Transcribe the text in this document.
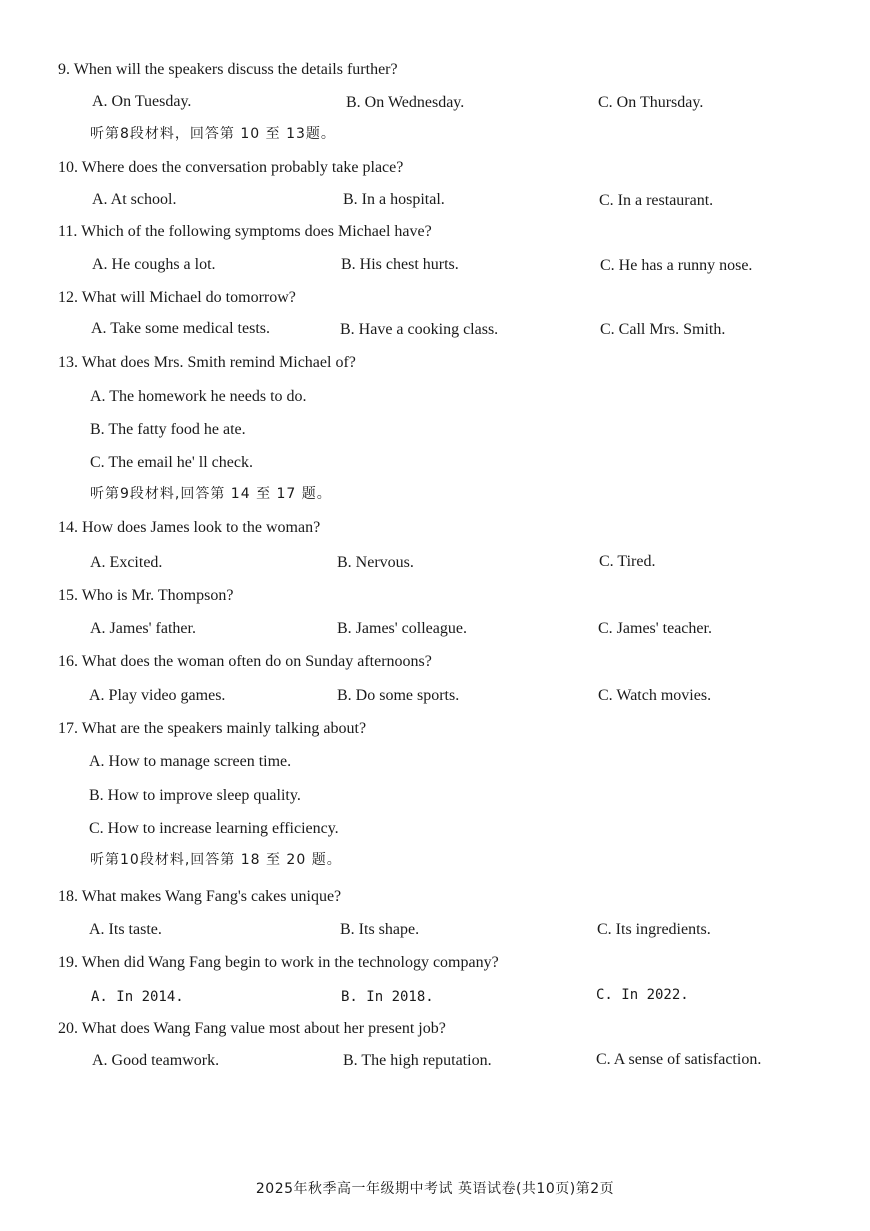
9. When will the speakers discuss the details further?
A. On Tuesday.	B. On Wednesday.	C. On Thursday.
听第8段材料，回答第 10 至 13题。
10. Where does the conversation probably take place?
A. At school.	B. In a hospital.	C. In a restaurant.
11. Which of the following symptoms does Michael have?
A. He coughs a lot.	B. His chest hurts.	C. He has a runny nose.
12. What will Michael do tomorrow?
A. Take some medical tests.	B. Have a cooking class.	C. Call Mrs. Smith.
13. What does Mrs. Smith remind Michael of?
A. The homework he needs to do.
B. The fatty food he ate.
C. The email he' ll check.
听第9段材料,回答第 14 至 17 题。
14. How does James look to the woman?
A. Excited.	B. Nervous.	C. Tired.
15. Who is Mr. Thompson?
A. James' father.	B. James' colleague.	C. James' teacher.
16. What does the woman often do on Sunday afternoons?
A. Play video games.	B. Do some sports.	C. Watch movies.
17. What are the speakers mainly talking about?
A. How to manage screen time.
B. How to improve sleep quality.
C. How to increase learning efficiency.
听第10段材料,回答第 18 至 20 题。
18. What makes Wang Fang's cakes unique?
A. Its taste.	B. Its shape.	C. Its ingredients.
19. When did Wang Fang begin to work in the technology company?
A. In 2014.	B. In 2018.	C. In 2022.
20. What does Wang Fang value most about her present job?
A. Good teamwork.	B. The high reputation.	C. A sense of satisfaction.
2025年秋季高一年级期中考试 英语试卷(共10页)第2页
